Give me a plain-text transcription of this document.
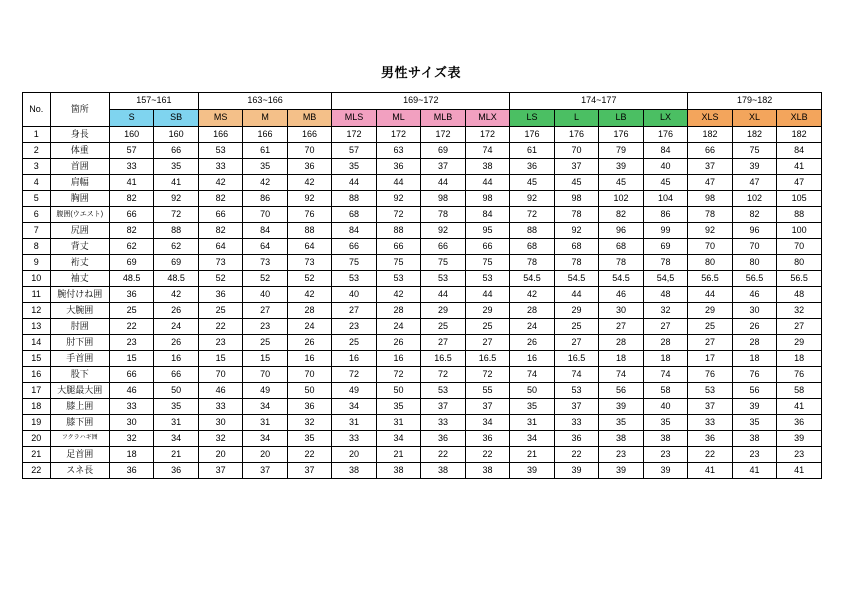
男性サイズ表
No.	箇所	157~161		163~166			169~172				174~177				179~182		
		S	SB	MS	M	MB	MLS	ML	MLB	MLX	LS	L	LB	LX	XLS	XL	XLB
1	身長	160	160	166	166	166	172	172	172	172	176	176	176	176	182	182	182
2	体重	57	66	53	61	70	57	63	69	74	61	70	79	84	66	75	84
3	首囲	33	35	33	35	36	35	36	37	38	36	37	39	40	37	39	41
4	肩幅	41	41	42	42	42	44	44	44	44	45	45	45	45	47	47	47
5	胸囲	82	92	82	86	92	88	92	98	98	92	98	102	104	98	102	105
6	腹囲(ウエスト)	66	72	66	70	76	68	72	78	84	72	78	82	86	78	82	88
7	尻囲	82	88	82	84	88	84	88	92	95	88	92	96	99	92	96	100
8	背丈	62	62	64	64	64	66	66	66	66	68	68	68	69	70	70	70
9	裄丈	69	69	73	73	73	75	75	75	75	78	78	78	78	80	80	80
10	袖丈	48.5	48.5	52	52	52	53	53	53	53	54.5	54.5	54.5	54,5	56.5	56.5	56.5
11	腕付けね囲	36	42	36	40	42	40	42	44	44	42	44	46	48	44	46	48
12	大腕囲	25	26	25	27	28	27	28	29	29	28	29	30	32	29	30	32
13	肘囲	22	24	22	23	24	23	24	25	25	24	25	27	27	25	26	27
14	肘下囲	23	26	23	25	26	25	26	27	27	26	27	28	28	27	28	29
15	手首囲	15	16	15	15	16	16	16	16.5	16.5	16	16.5	18	18	17	18	18
16	股下	66	66	70	70	70	72	72	72	72	74	74	74	74	76	76	76
17	大腿最大囲	46	50	46	49	50	49	50	53	55	50	53	56	58	53	56	58
18	膝上囲	33	35	33	34	36	34	35	37	37	35	37	39	40	37	39	41
19	膝下囲	30	31	30	31	32	31	31	33	34	31	33	35	35	33	35	36
20	フクラハギ囲	32	34	32	34	35	33	34	36	36	34	36	38	38	36	38	39
21	足首囲	18	21	20	20	22	20	21	22	22	21	22	23	23	22	23	23
22	スネ長	36	36	37	37	37	38	38	38	38	39	39	39	39	41	41	41
